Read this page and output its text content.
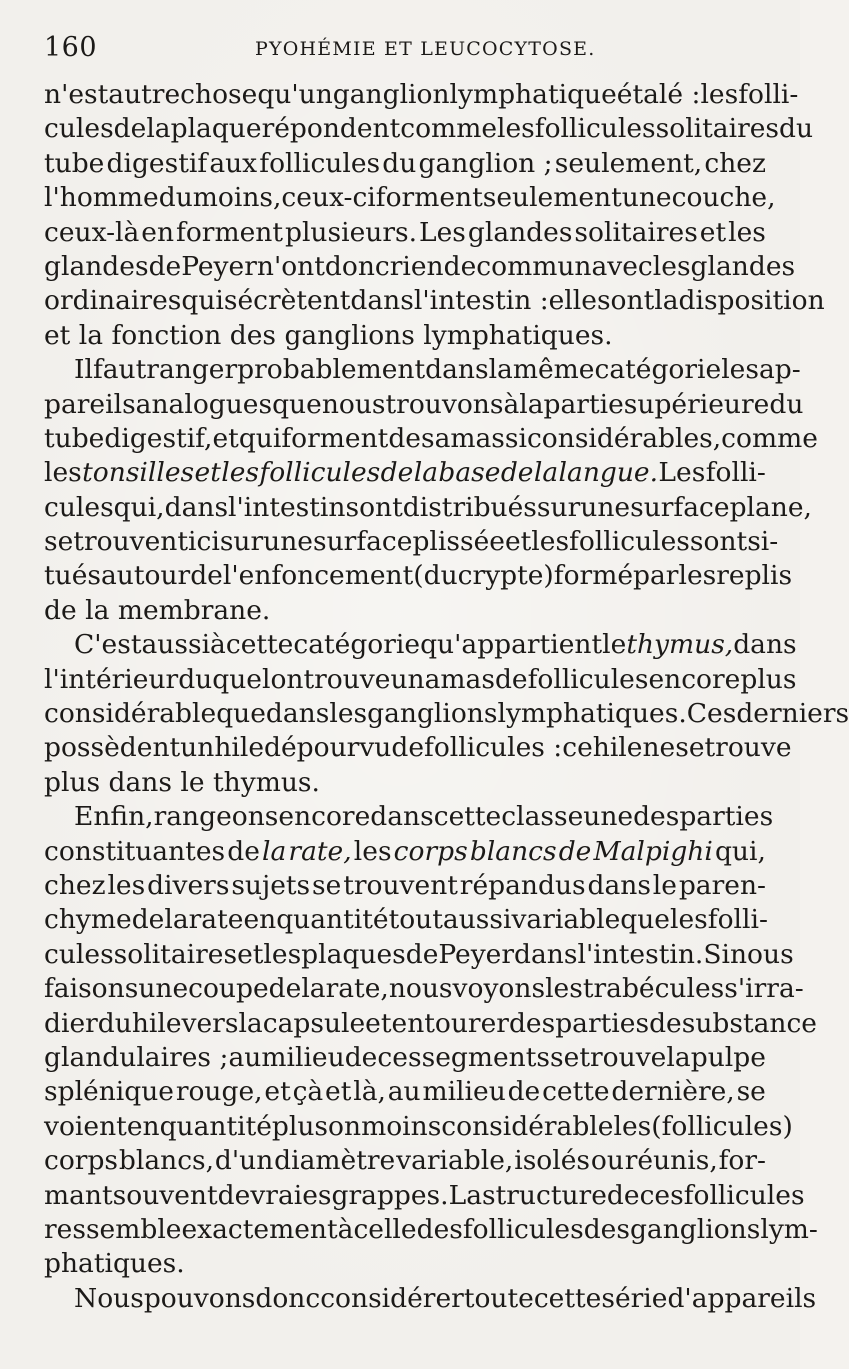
160	PYOHÉMIE ET LEUCOCYTOSE.
n'est autre chose qu'un ganglion lymphatique étalé : les folli-
cules de la plaque répondent comme les follicules solitaires du
tube digestif aux follicules du ganglion ; seulement, chez
l'homme du moins, ceux-ci forment seulement une couche,
ceux-là en forment plusieurs. Les glandes solitaires et les
glandes de Peyer n'ont donc rien de commun avec les glandes
ordinaires qui sécrètent dans l'intestin : elles ont la disposition
et
la
fonction
des
ganglions
lymphatiques.
Il faut ranger probablement dans la même catégorie les ap-
pareils analogues que nous trouvons à la partie supérieure du
tube digestif, et qui forment des amas si considérables, comme
les tonsilles et les follicules de la base de la langue. Les folli-
cules qui, dans l'intestin sont distribués sur une surface plane,
se trouvent ici sur une surface plissée et les follicules sont si-
tués autour de l'enfoncement (du crypte) formé par les replis
de
la
membrane.
C'est aussi à cette catégorie qu'appartient le thymus, dans
l'intérieur duquel on trouve un amas de follicules encore plus
considérable que dans les ganglions lymphatiques. Ces derniers
possèdent un hile dépourvu de follicules : ce hile ne se trouve
plus
dans
le
thymus.
Enfin, rangeons encore dans cette classe une des parties
constituantes de la rate, les corps blancs de Malpighi qui,
chez les divers sujets se trouvent répandus dans le paren-
chyme de la rate en quantité tout aussi variable que les folli-
cules solitaires et les plaques de Peyer dans l'intestin. Si nous
faisons une coupe de la rate, nous voyons les trabécules s'irra-
dier du hile vers la capsule et entourer des parties de substance
glandulaires ; au milieu de ces segments se trouve la pulpe
splénique rouge, et çà et là, au milieu de cette dernière, se
voient en quantité plus on moins considérable les (follicules)
corps blancs, d'un diamètre variable, isolés ou réunis, for-
mant souvent de vraies grappes. La structure de ces follicules
ressemble exactement à celle des follicules des ganglions lym-
phatiques.
Nous pouvons donc considérer toute cette série d'appareils
